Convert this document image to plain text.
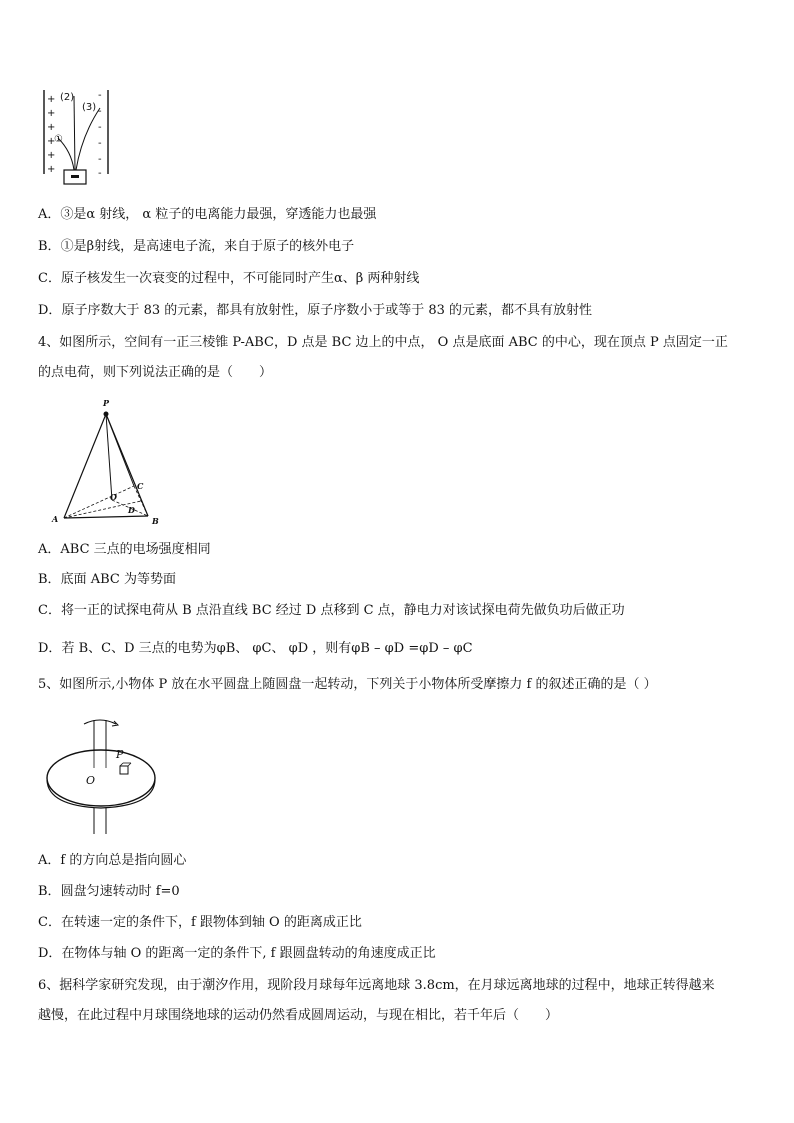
+
+
+
+
+
+
-
-
-
-
-
-
(2)
(3)
①
A．③是α 射线， α 粒子的电离能力最强，穿透能力也最强
B．①是β射线，是高速电子流，来自于原子的核外电子
C．原子核发生一次衰变的过程中，不可能同时产生α、β 两种射线
D．原子序数大于 83 的元素，都具有放射性，原子序数小于或等于 83 的元素，都不具有放射性
4、如图所示，空间有一正三棱锥 P-ABC，D 点是 BC 边上的中点， O 点是底面 ABC 的中心，现在顶点 P 点固定一正
的点电荷，则下列说法正确的是（　　）
P
A	B
C
D
O
A．ABC 三点的电场强度相同
B．底面 ABC 为等势面
C．将一正的试探电荷从 B 点沿直线 BC 经过 D 点移到 C 点，静电力对该试探电荷先做负功后做正功
D．若 B、C、D 三点的电势为φB、 φC、 φD ，则有φB – φD =φD – φC
5、如图所示,小物体 P 放在水平圆盘上随圆盘一起转动，下列关于小物体所受摩擦力 f 的叙述正确的是（ ）
P
O
A．f 的方向总是指向圆心
B．圆盘匀速转动时 f=0
C．在转速一定的条件下，f 跟物体到轴 O 的距离成正比
D．在物体与轴 O 的距离一定的条件下, f 跟圆盘转动的角速度成正比
6、据科学家研究发现，由于潮汐作用，现阶段月球每年远离地球 3.8cm，在月球远离地球的过程中，地球正转得越来
越慢，在此过程中月球围绕地球的运动仍然看成圆周运动，与现在相比，若千年后（　　）
